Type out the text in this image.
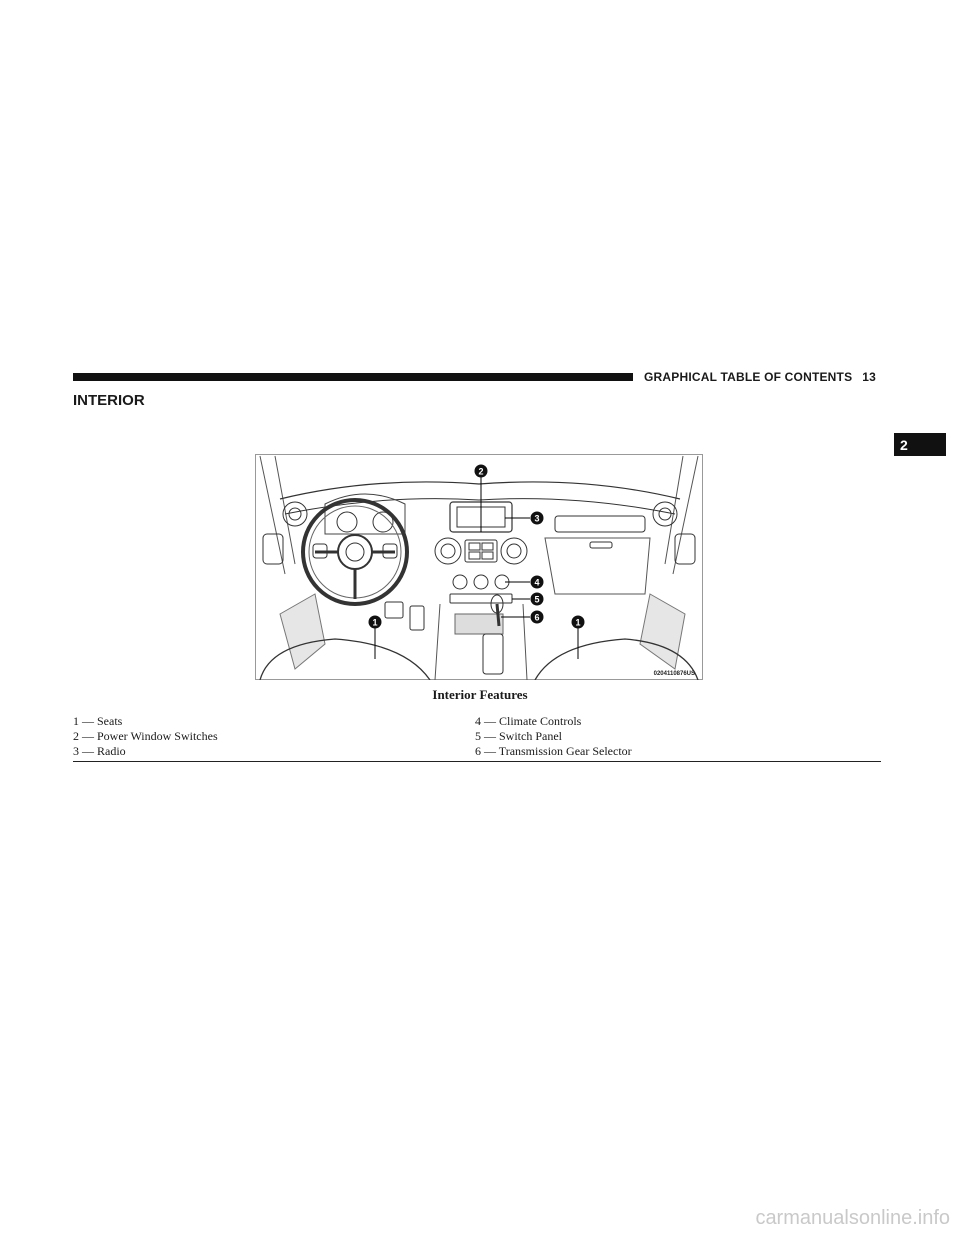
GRAPHICAL TABLE OF CONTENTS 13
2
INTERIOR
2
3
4
5
6
1	1
0204110876US
Interior Features
1 — Seats
2 — Power Window Switches
3 — Radio
4 — Climate Controls
5 — Switch Panel
6 — Transmission Gear Selector
carmanualsonline.info
